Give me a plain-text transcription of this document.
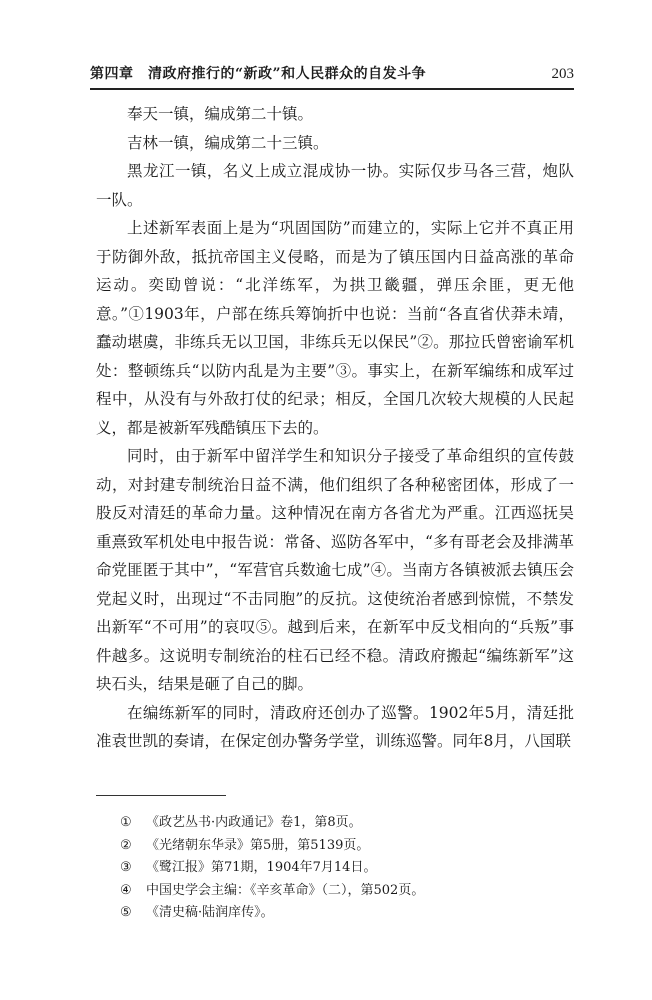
第四章　清政府推行的“新政”和人民群众的自发斗争	203

奉天一镇，编成第二十镇。

吉林一镇，编成第二十三镇。

黑龙江一镇，名义上成立混成协一协。实际仅步马各三营，炮队一队。

上述新军表面上是为“巩固国防”而建立的，实际上它并不真正用于防御外敌，抵抗帝国主义侵略，而是为了镇压国内日益高涨的革命运动。奕劻曾说：“北洋练军，为拱卫畿疆，弹压余匪，更无他意。”①1903年，户部在练兵筹饷折中也说：当前“各直省伏莽未靖，蠢动堪虞，非练兵无以卫国，非练兵无以保民”②。那拉氏曾密谕军机处：整顿练兵“以防内乱是为主要”③。事实上，在新军编练和成军过程中，从没有与外敌打仗的纪录；相反，全国几次较大规模的人民起义，都是被新军残酷镇压下去的。

同时，由于新军中留洋学生和知识分子接受了革命组织的宣传鼓动，对封建专制统治日益不满，他们组织了各种秘密团体，形成了一股反对清廷的革命力量。这种情况在南方各省尤为严重。江西巡抚吴重熹致军机处电中报告说：常备、巡防各军中，“多有哥老会及排满革命党匪匿于其中”，“军营官兵数逾七成”④。当南方各镇被派去镇压会党起义时，出现过“不击同胞”的反抗。这使统治者感到惊慌，不禁发出新军“不可用”的哀叹⑤。越到后来，在新军中反戈相向的“兵叛”事件越多。这说明专制统治的柱石已经不稳。清政府搬起“编练新军”这块石头，结果是砸了自己的脚。

在编练新军的同时，清政府还创办了巡警。1902年5月，清廷批准袁世凯的奏请，在保定创办警务学堂，训练巡警。同年8月，八国联

① 《政艺丛书·内政通记》卷1，第8页。
② 《光绪朝东华录》第5册，第5139页。
③ 《鹭江报》第71期，1904年7月14日。
④ 中国史学会主编：《辛亥革命》（二），第502页。
⑤ 《清史稿·陆润庠传》。
